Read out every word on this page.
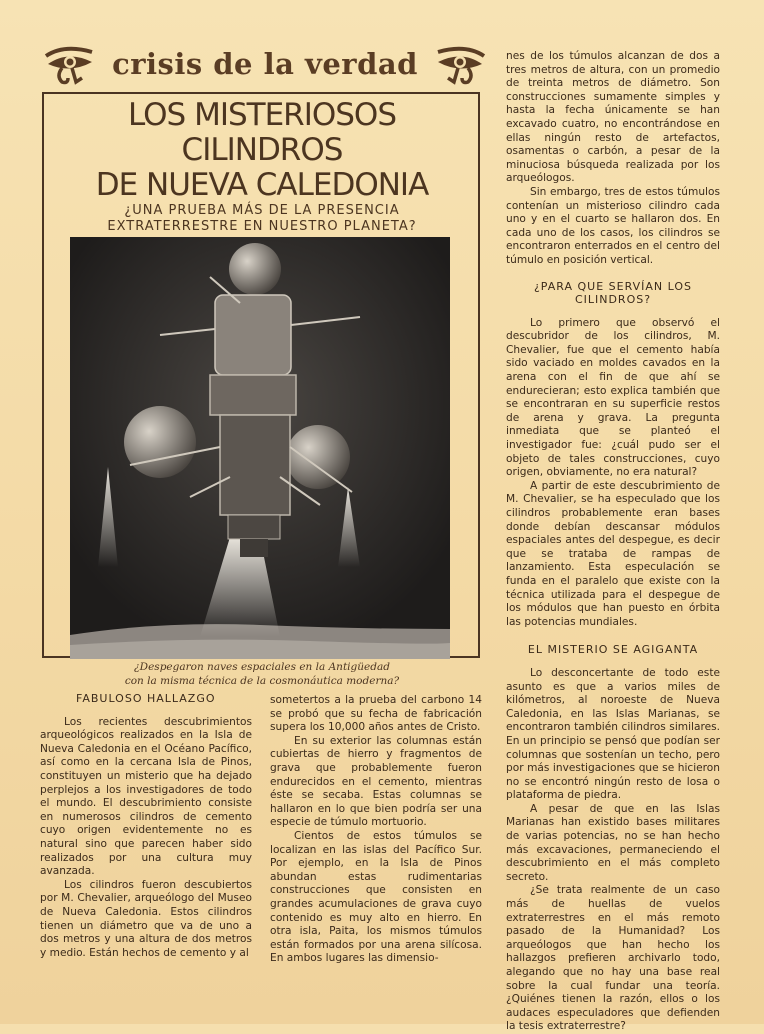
crisis de la verdad
LOS MISTERIOSOS
CILINDROS
DE NUEVA CALEDONIA
¿UNA PRUEBA MÁS DE LA PRESENCIA
EXTRATERRESTRE EN NUESTRO PLANETA?
¿Despegaron naves espaciales en la Antigüedad
con la misma técnica de la cosmonáutica moderna?
FABULOSO HALLAZGO

Los recientes descubrimientos arqueológicos realizados en la Isla de Nueva Caledonia en el Océano Pacífico, así como en la cercana Isla de Pinos, constituyen un misterio que ha dejado perplejos a los investigadores de todo el mundo. El descubrimiento consiste en numerosos cilindros de cemento cuyo origen evidentemente no es natural sino que parecen haber sido realizados por una cultura muy avanzada.

Los cilindros fueron descubiertos por M. Chevalier, arqueólogo del Museo de Nueva Caledonia. Estos cilindros tienen un diámetro que va de uno a dos metros y una altura de dos metros y medio. Están hechos de cemento y al

sometertos a la prueba del carbono 14 se probó que su fecha de fabricación supera los 10,000 años antes de Cristo.

En su exterior las columnas están cubiertas de hierro y fragmentos de grava que probablemente fueron endurecidos en el cemento, mientras éste se secaba. Estas columnas se hallaron en lo que bien podría ser una especie de túmulo mortuorio.

Cientos de estos túmulos se localizan en las islas del Pacífico Sur. Por ejemplo, en la Isla de Pinos abundan estas rudimentarias construcciones que consisten en grandes acumulaciones de grava cuyo contenido es muy alto en hierro. En otra isla, Paita, los mismos túmulos están formados por una arena silícosa. En ambos lugares las dimensio-

nes de los túmulos alcanzan de dos a tres metros de altura, con un promedio de treinta metros de diámetro. Son construcciones sumamente simples y hasta la fecha únicamente se han excavado cuatro, no encontrándose en ellas ningún resto de artefactos, osamentas o carbón, a pesar de la minuciosa búsqueda realizada por los arqueólogos.

Sin embargo, tres de estos túmulos contenían un misterioso cilindro cada uno y en el cuarto se hallaron dos. En cada uno de los casos, los cilindros se encontraron enterrados en el centro del túmulo en posición vertical.

¿PARA QUE SERVÍAN LOS CILINDROS?

Lo primero que observó el descubridor de los cilindros, M. Chevalier, fue que el cemento había sido vaciado en moldes cavados en la arena con el fin de que ahí se endurecieran; esto explica también que se encontraran en su superficie restos de arena y grava. La pregunta inmediata que se planteó el investigador fue: ¿cuál pudo ser el objeto de tales construcciones, cuyo origen, obviamente, no era natural?

A partir de este descubrimiento de M. Chevalier, se ha especulado que los cilindros probablemente eran bases donde debían descansar módulos espaciales antes del despegue, es decir que se trataba de rampas de lanzamiento. Esta especulación se funda en el paralelo que existe con la técnica utilizada para el despegue de los módulos que han puesto en órbita las potencias mundiales.

EL MISTERIO SE AGIGANTA

Lo desconcertante de todo este asunto es que a varios miles de kilómetros, al noroeste de Nueva Caledonia, en las Islas Marianas, se encontraron también cilindros similares. En un principio se pensó que podían ser columnas que sostenían un techo, pero por más investigaciones que se hicieron no se encontró ningún resto de losa o plataforma de piedra.

A pesar de que en las Islas Marianas han existido bases militares de varias potencias, no se han hecho más excavaciones, permaneciendo el descubrimiento en el más completo secreto.

¿Se trata realmente de un caso más de huellas de vuelos extraterrestres en el más remoto pasado de la Humanidad? Los arqueólogos que han hecho los hallazgos prefieren archivarlo todo, alegando que no hay una base real sobre la cual fundar una teoría. ¿Quiénes tienen la razón, ellos o los audaces especuladores que defienden la tesis extraterrestre?
